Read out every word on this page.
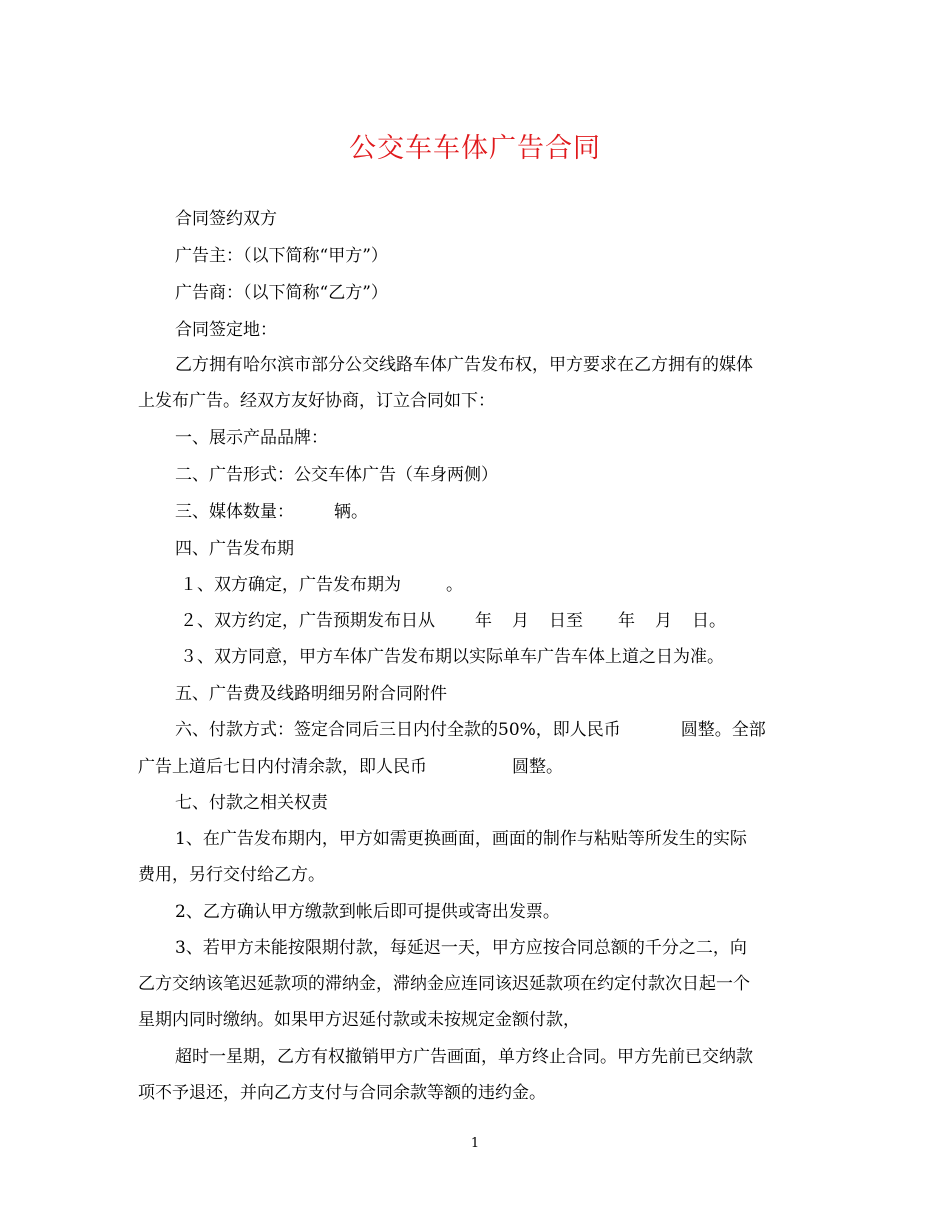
公交车车体广告合同

合同签约双方

广告主：（以下简称“甲方”）

广告商：（以下简称“乙方”）

合同签定地：

乙方拥有哈尔滨市部分公交线路车体广告发布权，甲方要求在乙方拥有的媒体

上发布广告。经双方友好协商，订立合同如下：

一、展示产品品牌：

二、广告形式：公交车体广告（车身两侧）

三、媒体数量： 辆。

四、广告发布期

１、双方确定，广告发布期为	。

２、双方约定，广告预期发布日从 年 月 日至 年 月 日。

３、双方同意，甲方车体广告发布期以实际单车广告车体上道之日为准。

五、广告费及线路明细另附合同附件

六、付款方式：签定合同后三日内付全款的50%，即人民币	圆整。全部

广告上道后七日内付清余款，即人民币	圆整。

七、付款之相关权责

1、在广告发布期内，甲方如需更换画面，画面的制作与粘贴等所发生的实际

费用，另行交付给乙方。

2、乙方确认甲方缴款到帐后即可提供或寄出发票。

3、若甲方未能按限期付款，每延迟一天，甲方应按合同总额的千分之二，向

乙方交纳该笔迟延款项的滞纳金，滞纳金应连同该迟延款项在约定付款次日起一个

星期内同时缴纳。如果甲方迟延付款或未按规定金额付款，

超时一星期，乙方有权撤销甲方广告画面，单方终止合同。甲方先前已交纳款

项不予退还，并向乙方支付与合同余款等额的违约金。

1
